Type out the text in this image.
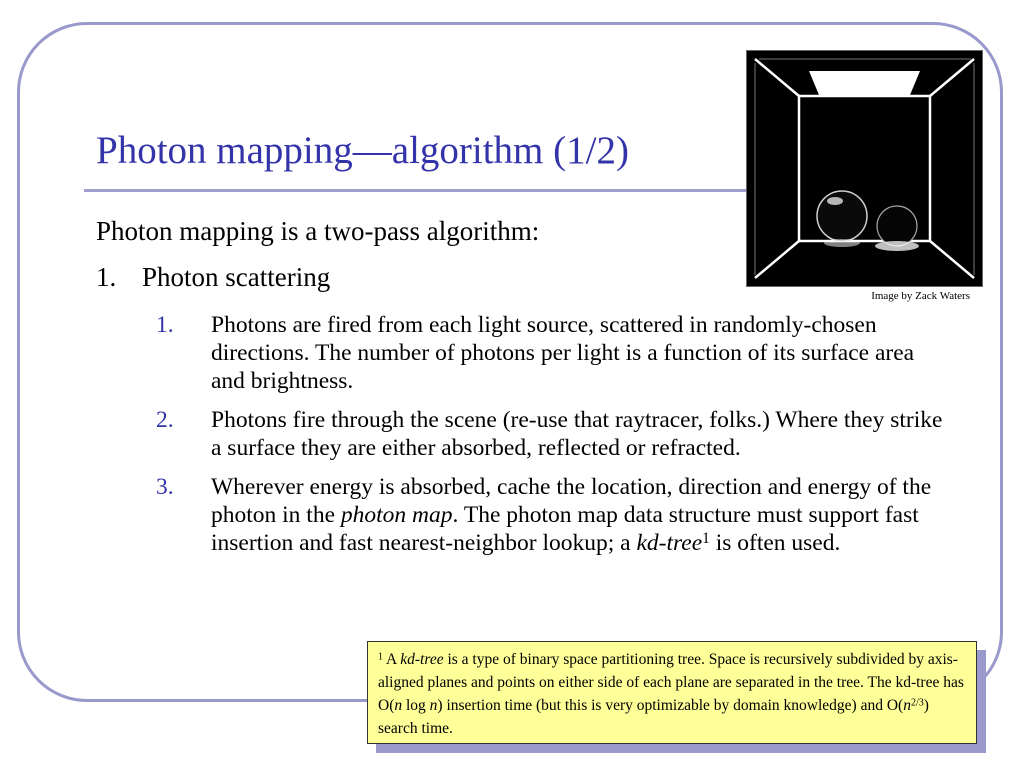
Photon mapping—algorithm (1/2)
Image by Zack Waters
Photon mapping is a two-pass algorithm:
1. Photon scattering
1. Photons are fired from each light source, scattered in randomly-chosen directions. The number of photons per light is a function of its surface area and brightness.
2. Photons fire through the scene (re-use that raytracer, folks.) Where they strike a surface they are either absorbed, reflected or refracted.
3. Wherever energy is absorbed, cache the location, direction and energy of the photon in the photon map. The photon map data structure must support fast insertion and fast nearest-neighbor lookup; a kd-tree$^1$ is often used.
$^1$ A kd-tree is a type of binary space partitioning tree. Space is recursively subdivided by axis-aligned planes and points on either side of each plane are separated in the tree. The kd-tree has O(n log n) insertion time (but this is very optimizable by domain knowledge) and $O(n^{2/3})$ search time.
